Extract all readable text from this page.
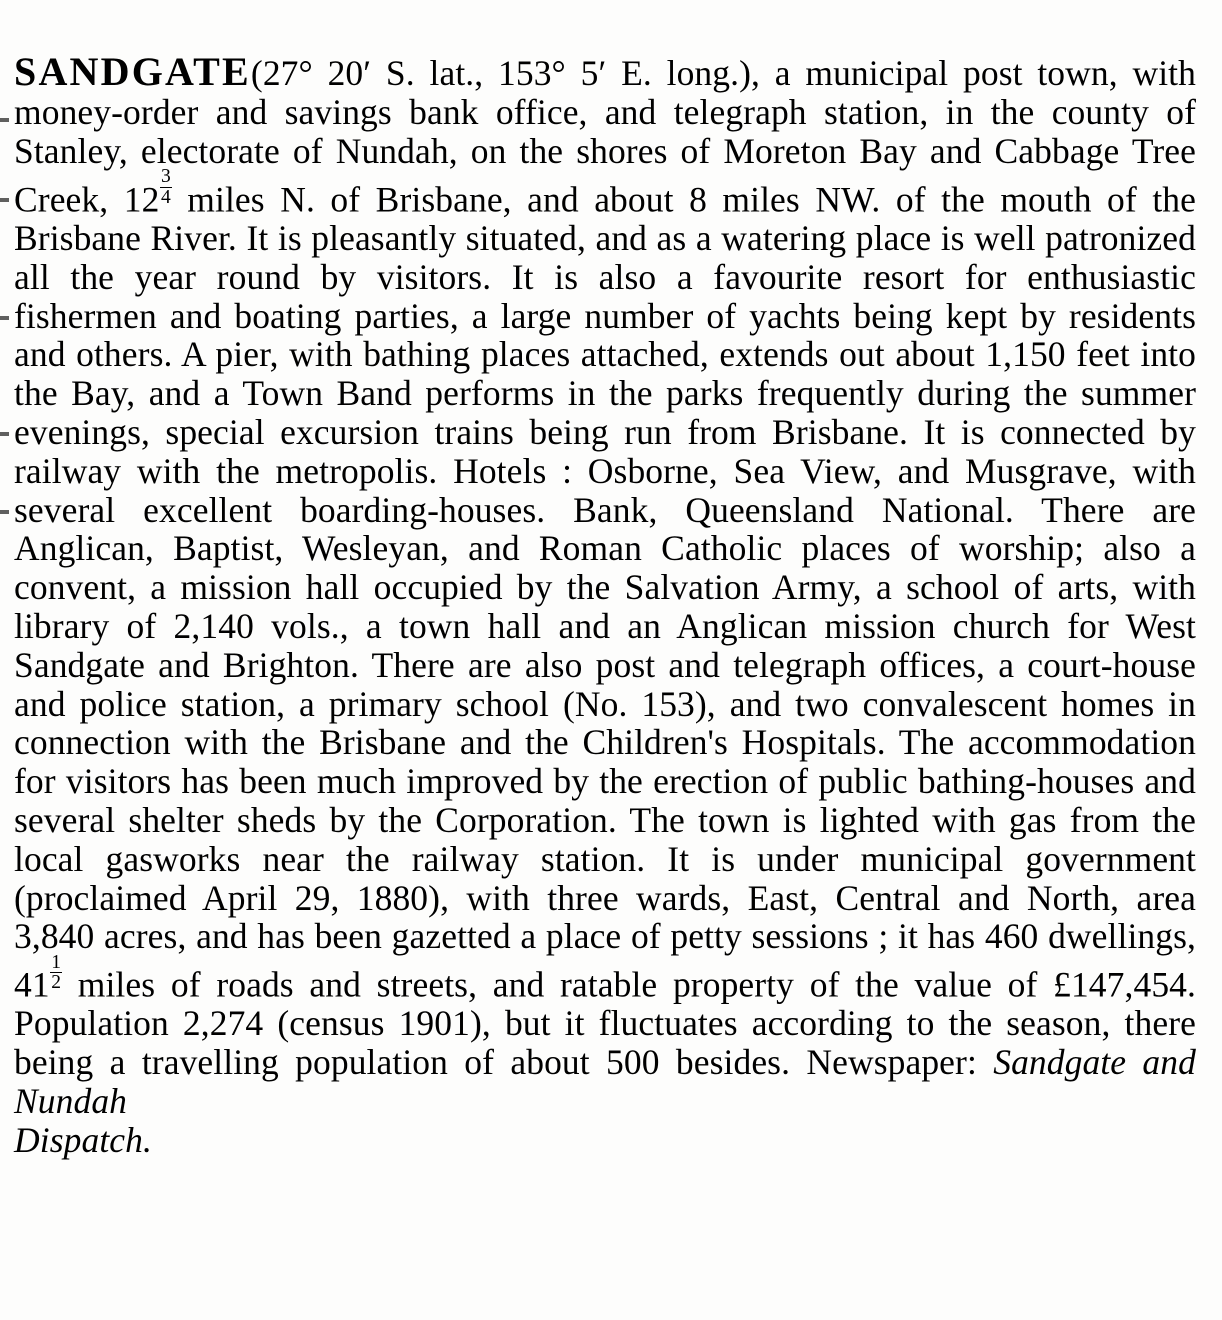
SANDGATE(27° 20′ S. lat., 153° 5′ E. long.), a municipal post town, with money-order and savings bank office, and telegraph station, in the county of Stanley, electorate of Nundah, on the shores of Moreton Bay and Cabbage Tree Creek, $12 \frac{3}{4}$ miles N. of Brisbane, and about 8 miles NW. of the mouth of the Brisbane River. It is pleasantly situated, and as a watering place is well patronized all the year round by visitors. It is also a favourite resort for enthusiastic fishermen and boating parties, a large number of yachts being kept by residents and others. A pier, with bathing places attached, extends out about 1,150 feet into the Bay, and a Town Band performs in the parks frequently during the summer evenings, special excursion trains being run from Brisbane. It is connected by railway with the metropolis. Hotels : Osborne, Sea View, and Musgrave, with several excellent boarding-houses. Bank, Queensland National. There are Anglican, Baptist, Wesleyan, and Roman Catholic places of worship; also a convent, a mission hall occupied by the Salvation Army, a school of arts, with library of 2,140 vols., a town hall and an Anglican mission church for West Sandgate and Brighton. There are also post and telegraph offices, a court-house and police station, a primary school (No. 153), and two convalescent homes in connection with the Brisbane and the Children's Hospitals. The accommodation for visitors has been much improved by the erection of public bathing-houses and several shelter sheds by the Corporation. The town is lighted with gas from the local gasworks near the railway station. It is under municipal government (proclaimed April 29, 1880), with three wards, East, Central and North, area 3,840 acres, and has been gazetted a place of petty sessions ; it has 460 dwellings, $41 \frac{1}{2}$ miles of roads and streets, and ratable property of the value of £147,454. Population 2,274 (census 1901), but it fluctuates according to the season, there being a travelling population of about 500 besides. Newspaper: Sandgate and Nundah
Dispatch.
